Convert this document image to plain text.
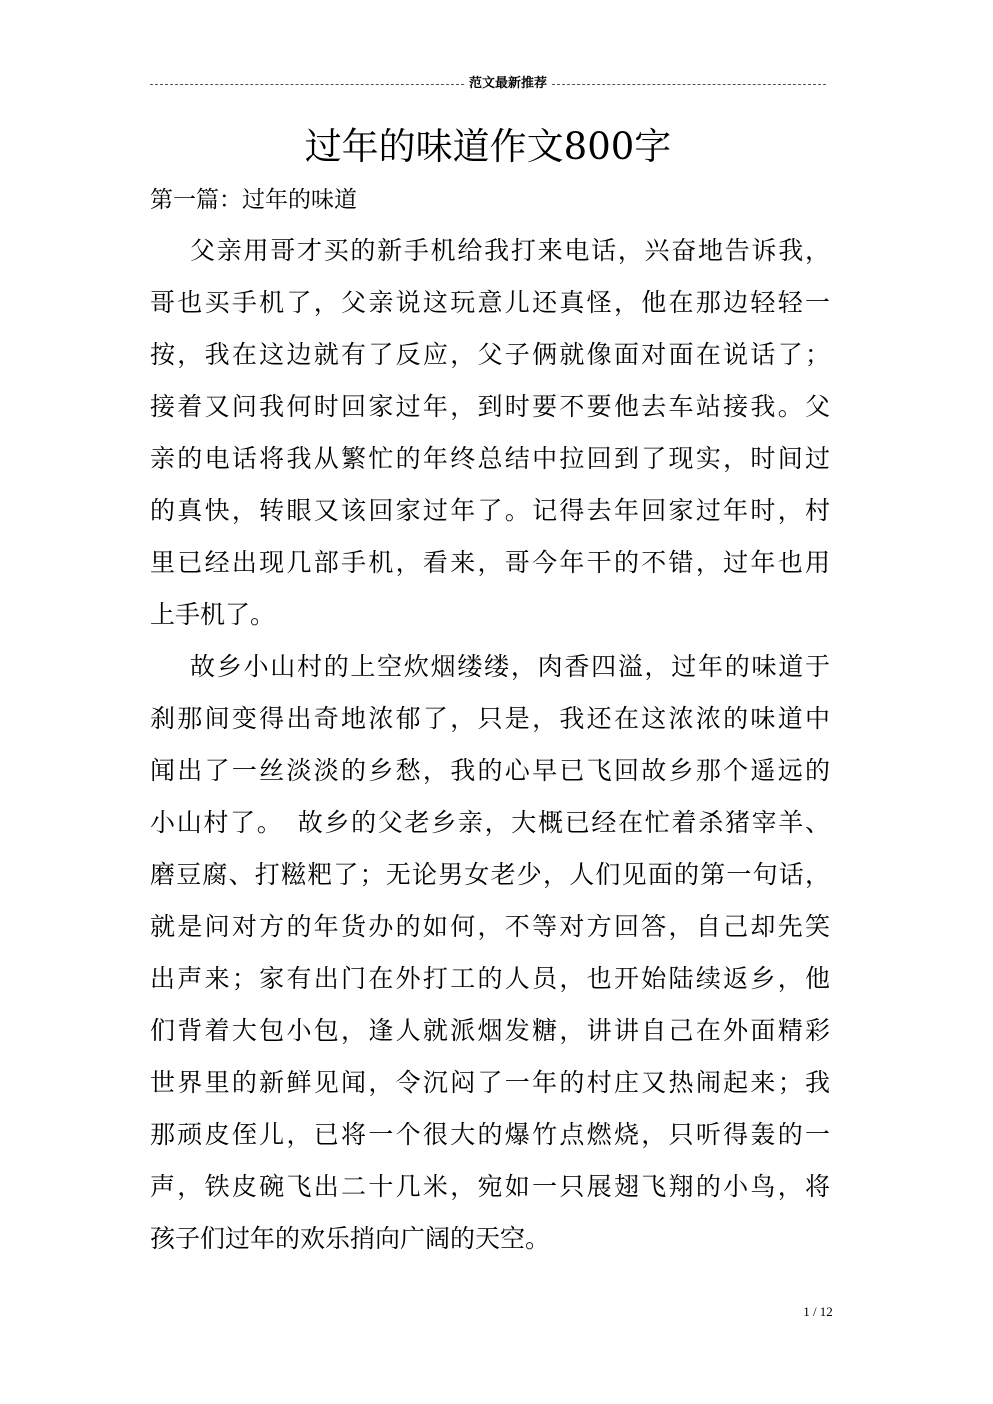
范文最新推荐
过年的味道作文800字
第一篇：过年的味道
父亲用哥才买的新手机给我打来电话，兴奋地告诉我，
哥也买手机了，父亲说这玩意儿还真怪，他在那边轻轻一
按，我在这边就有了反应，父子俩就像面对面在说话了；
接着又问我何时回家过年，到时要不要他去车站接我。父
亲的电话将我从繁忙的年终总结中拉回到了现实，时间过
的真快，转眼又该回家过年了。记得去年回家过年时，村
里已经出现几部手机，看来，哥今年干的不错，过年也用
上手机了。
故乡小山村的上空炊烟缕缕，肉香四溢，过年的味道于
刹那间变得出奇地浓郁了，只是，我还在这浓浓的味道中
闻出了一丝淡淡的乡愁，我的心早已飞回故乡那个遥远的
小山村了。　故乡的父老乡亲，大概已经在忙着杀猪宰羊、
磨豆腐、打糍粑了；无论男女老少，人们见面的第一句话，
就是问对方的年货办的如何，不等对方回答，自己却先笑
出声来；家有出门在外打工的人员，也开始陆续返乡，他
们背着大包小包，逢人就派烟发糖，讲讲自己在外面精彩
世界里的新鲜见闻，令沉闷了一年的村庄又热闹起来；我
那顽皮侄儿，已将一个很大的爆竹点燃烧，只听得轰的一
声，铁皮碗飞出二十几米，宛如一只展翅飞翔的小鸟，将
孩子们过年的欢乐捎向广阔的天空。
1 / 12
